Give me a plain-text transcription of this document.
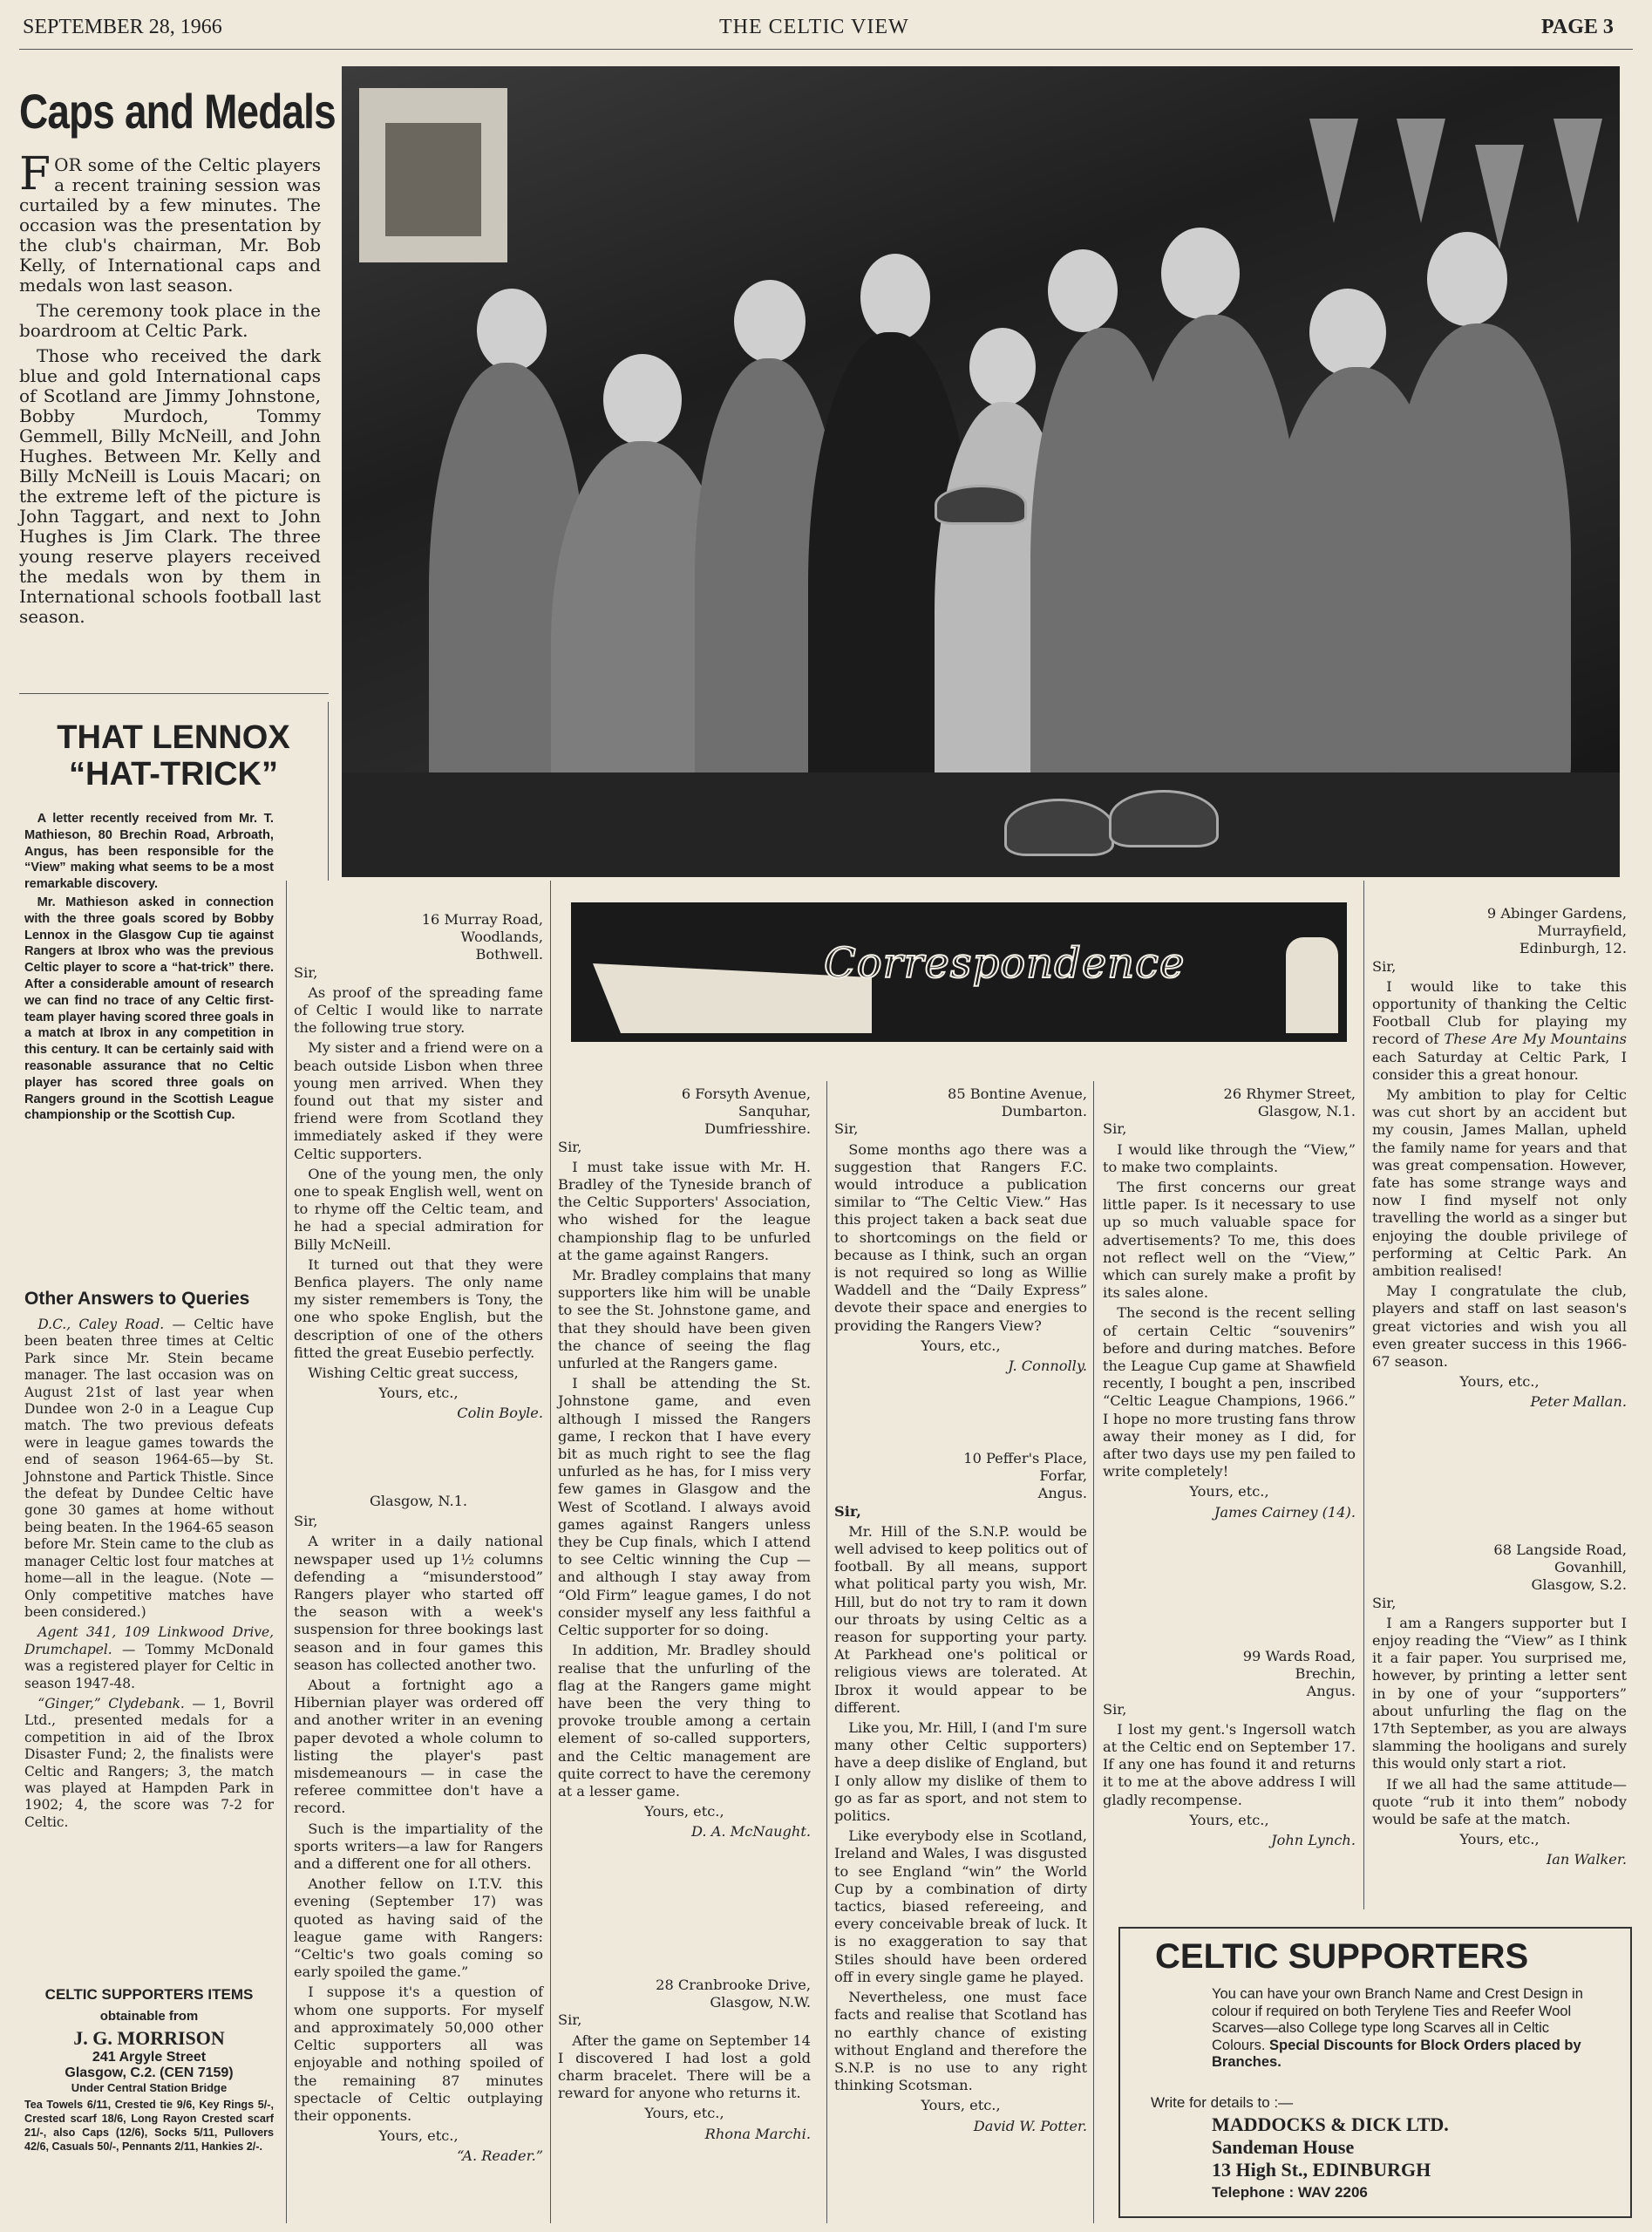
SEPTEMBER 28, 1966	THE CELTIC VIEW	PAGE 3
Caps and Medals

FOR some of the Celtic players a recent training session was curtailed by a few minutes. The occasion was the presentation by the club's chairman, Mr. Bob Kelly, of International caps and medals won last season.

The ceremony took place in the boardroom at Celtic Park.

Those who received the dark blue and gold International caps of Scotland are Jimmy Johnstone, Bobby Murdoch, Tommy Gemmell, Billy McNeill, and John Hughes. Between Mr. Kelly and Billy McNeill is Louis Macari; on the extreme left of the picture is John Taggart, and next to John Hughes is Jim Clark. The three young reserve players received the medals won by them in International schools football last season.

THAT LENNOX
“HAT-TRICK”

A letter recently received from Mr. T. Mathieson, 80 Brechin Road, Arbroath, Angus, has been responsible for the “View” making what seems to be a most remarkable discovery.

Mr. Mathieson asked in connection with the three goals scored by Bobby Lennox in the Glasgow Cup tie against Rangers at Ibrox who was the previous Celtic player to score a “hat-trick” there. After a considerable amount of research we can find no trace of any Celtic first-team player having scored three goals in a match at Ibrox in any competition in this century. It can be certainly said with reasonable assurance that no Celtic player has scored three goals on Rangers ground in the Scottish League championship or the Scottish Cup.

Other Answers to Queries

D.C., Caley Road. — Celtic have been beaten three times at Celtic Park since Mr. Stein became manager. The last occasion was on August 21st of last year when Dundee won 2-0 in a League Cup match. The two previous defeats were in league games towards the end of season 1964-65—by St. Johnstone and Partick Thistle. Since the defeat by Dundee Celtic have gone 30 games at home without being beaten. In the 1964-65 season before Mr. Stein came to the club as manager Celtic lost four matches at home—all in the league. (Note —Only competitive matches have been considered.)

Agent 341, 109 Linkwood Drive, Drumchapel. — Tommy McDonald was a registered player for Celtic in season 1947-48.

“Ginger,” Clydebank. — 1, Bovril Ltd., presented medals for a competition in aid of the Ibrox Disaster Fund; 2, the finalists were Celtic and Rangers; 3, the match was played at Hampden Park in 1902; 4, the score was 7-2 for Celtic.

CELTIC SUPPORTERS ITEMS
obtainable from
J. G. MORRISON
241 Argyle Street
Glasgow, C.2. (CEN 7159)
Under Central Station Bridge
Tea Towels 6/11, Crested tie 9/6, Key Rings 5/-, Crested scarf 18/6, Long Rayon Crested scarf 21/-, also Caps (12/6), Socks 5/11, Pullovers 42/6, Casuals 50/-, Pennants 2/11, Hankies 2/-.
Correspondence

16 Murray Road,

Woodlands,

Bothwell.

Sir,

As proof of the spreading fame of Celtic I would like to narrate the following true story.

My sister and a friend were on a beach outside Lisbon when three young men arrived. When they found out that my sister and friend were from Scotland they immediately asked if they were Celtic supporters.

One of the young men, the only one to speak English well, went on to rhyme off the Celtic team, and he had a special admiration for Billy McNeill.

It turned out that they were Benfica players. The only name my sister remembers is Tony, the one who spoke English, but the description of one of the others fitted the great Eusebio perfectly.

Wishing Celtic great success,

Yours, etc.,

Colin Boyle.

Glasgow, N.1.

Sir,

A writer in a daily national newspaper used up 1½ columns defending a “misunderstood” Rangers player who started off the season with a week's suspension for three bookings last season and in four games this season has collected another two.

About a fortnight ago a Hibernian player was ordered off and another writer in an evening paper devoted a whole column to listing the player's past misdemeanours — in case the referee committee don't have a record.

Such is the impartiality of the sports writers—a law for Rangers and a different one for all others.

Another fellow on I.T.V. this evening (September 17) was quoted as having said of the league game with Rangers: “Celtic's two goals coming so early spoiled the game.”

I suppose it's a question of whom one supports. For myself and approximately 50,000 other Celtic supporters all was enjoyable and nothing spoiled of the remaining 87 minutes spectacle of Celtic outplaying their opponents.

Yours, etc.,

“A. Reader.”

6 Forsyth Avenue,

Sanquhar,

Dumfriesshire.

Sir,

I must take issue with Mr. H. Bradley of the Tyneside branch of the Celtic Supporters' Association, who wished for the league championship flag to be unfurled at the game against Rangers.

Mr. Bradley complains that many supporters like him will be unable to see the St. Johnstone game, and that they should have been given the chance of seeing the flag unfurled at the Rangers game.

I shall be attending the St. Johnstone game, and even although I missed the Rangers game, I reckon that I have every bit as much right to see the flag unfurled as he has, for I miss very few games in Glasgow and the West of Scotland. I always avoid games against Rangers unless they be Cup finals, which I attend to see Celtic winning the Cup — and although I stay away from “Old Firm” league games, I do not consider myself any less faithful a Celtic supporter for so doing.

In addition, Mr. Bradley should realise that the unfurling of the flag at the Rangers game might have been the very thing to provoke trouble among a certain element of so-called supporters, and the Celtic management are quite correct to have the ceremony at a lesser game.

Yours, etc.,

D. A. McNaught.

28 Cranbrooke Drive,

Glasgow, N.W.

Sir,

After the game on September 14 I discovered I had lost a gold charm bracelet. There will be a reward for anyone who returns it.

Yours, etc.,

Rhona Marchi.

85 Bontine Avenue,

Dumbarton.

Sir,

Some months ago there was a suggestion that Rangers F.C. would introduce a publication similar to “The Celtic View.” Has this project taken a back seat due to shortcomings on the field or because as I think, such an organ is not required so long as Willie Waddell and the “Daily Express” devote their space and energies to providing the Rangers View?

Yours, etc.,

J. Connolly.

10 Peffer's Place,

Forfar,

Angus.

Sir,

Mr. Hill of the S.N.P. would be well advised to keep politics out of football. By all means, support what political party you wish, Mr. Hill, but do not try to ram it down our throats by using Celtic as a reason for supporting your party. At Parkhead one's political or religious views are tolerated. At Ibrox it would appear to be different.

Like you, Mr. Hill, I (and I'm sure many other Celtic supporters) have a deep dislike of England, but I only allow my dislike of them to go as far as sport, and not stem to politics.

Like everybody else in Scotland, Ireland and Wales, I was disgusted to see England “win” the World Cup by a combination of dirty tactics, biased refereeing, and every conceivable break of luck. It is no exaggeration to say that Stiles should have been ordered off in every single game he played.

Nevertheless, one must face facts and realise that Scotland has no earthly chance of existing without England and therefore the S.N.P. is no use to any right thinking Scotsman.

Yours, etc.,

David W. Potter.

26 Rhymer Street,

Glasgow, N.1.

Sir,

I would like through the “View,” to make two complaints.

The first concerns our great little paper. Is it necessary to use up so much valuable space for advertisements? To me, this does not reflect well on the “View,” which can surely make a profit by its sales alone.

The second is the recent selling of certain Celtic “souvenirs” before and during matches. Before the League Cup game at Shawfield recently, I bought a pen, inscribed “Celtic League Champions, 1966.” I hope no more trusting fans throw away their money as I did, for after two days use my pen failed to write completely!

Yours, etc.,

James Cairney (14).

99 Wards Road,

Brechin,

Angus.

Sir,

I lost my gent.'s Ingersoll watch at the Celtic end on September 17. If any one has found it and returns it to me at the above address I will gladly recompense.

Yours, etc.,

John Lynch.

9 Abinger Gardens,

Murrayfield,

Edinburgh, 12.

Sir,

I would like to take this opportunity of thanking the Celtic Football Club for playing my record of These Are My Mountains each Saturday at Celtic Park, I consider this a great honour.

My ambition to play for Celtic was cut short by an accident but my cousin, James Mallan, upheld the family name for years and that was great compensation. However, fate has some strange ways and now I find myself not only travelling the world as a singer but enjoying the double privilege of performing at Celtic Park. An ambition realised!

May I congratulate the club, players and staff on last season's great victories and wish you all even greater success in this 1966-67 season.

Yours, etc.,

Peter Mallan.

68 Langside Road,

Govanhill,

Glasgow, S.2.

Sir,

I am a Rangers supporter but I enjoy reading the “View” as I think it a fair paper. You surprised me, however, by printing a letter sent in by one of your “supporters” about unfurling the flag on the 17th September, as you are always slamming the hooligans and surely this would only start a riot.

If we all had the same attitude—quote “rub it into them” nobody would be safe at the match.

Yours, etc.,

Ian Walker.

CELTIC SUPPORTERS
You can have your own Branch Name and Crest Design in colour if required on both Terylene Ties and Reefer Wool Scarves—also College type long Scarves all in Celtic Colours. Special Discounts for Block Orders placed by Branches.
Write for details to :—
MADDOCKS & DICK LTD.
Sandeman House
13 High St., EDINBURGH
Telephone : WAV 2206
